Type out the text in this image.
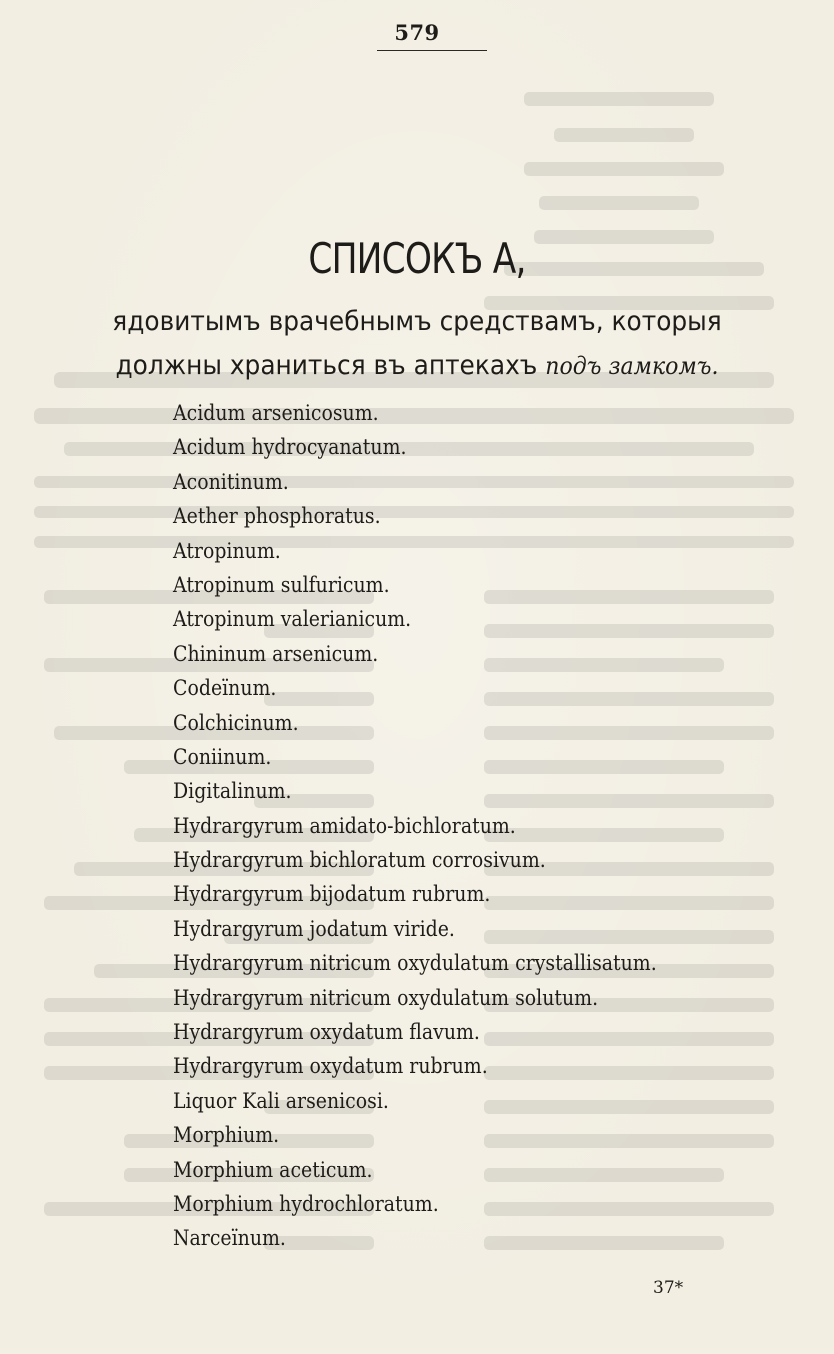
579
СПИСОКЪ А,
ядовитымъ врачебнымъ средствамъ, которыя
должны храниться въ аптекахъ подъ замкомъ.
Acidum arsenicosum.
Acidum hydrocyanatum.
Aconitinum.
Aether phosphoratus.
Atropinum.
Atropinum sulfuricum.
Atropinum valerianicum.
Chininum arsenicum.
Codeïnum.
Colchicinum.
Coniinum.
Digitalinum.
Hydrargyrum amidato-bichloratum.
Hydrargyrum bichloratum corrosivum.
Hydrargyrum bijodatum rubrum.
Hydrargyrum jodatum viride.
Hydrargyrum nitricum oxydulatum crystallisatum.
Hydrargyrum nitricum oxydulatum solutum.
Hydrargyrum oxydatum flavum.
Hydrargyrum oxydatum rubrum.
Liquor Kali arsenicosi.
Morphium.
Morphium aceticum.
Morphium hydrochloratum.
Narceïnum.
37*
